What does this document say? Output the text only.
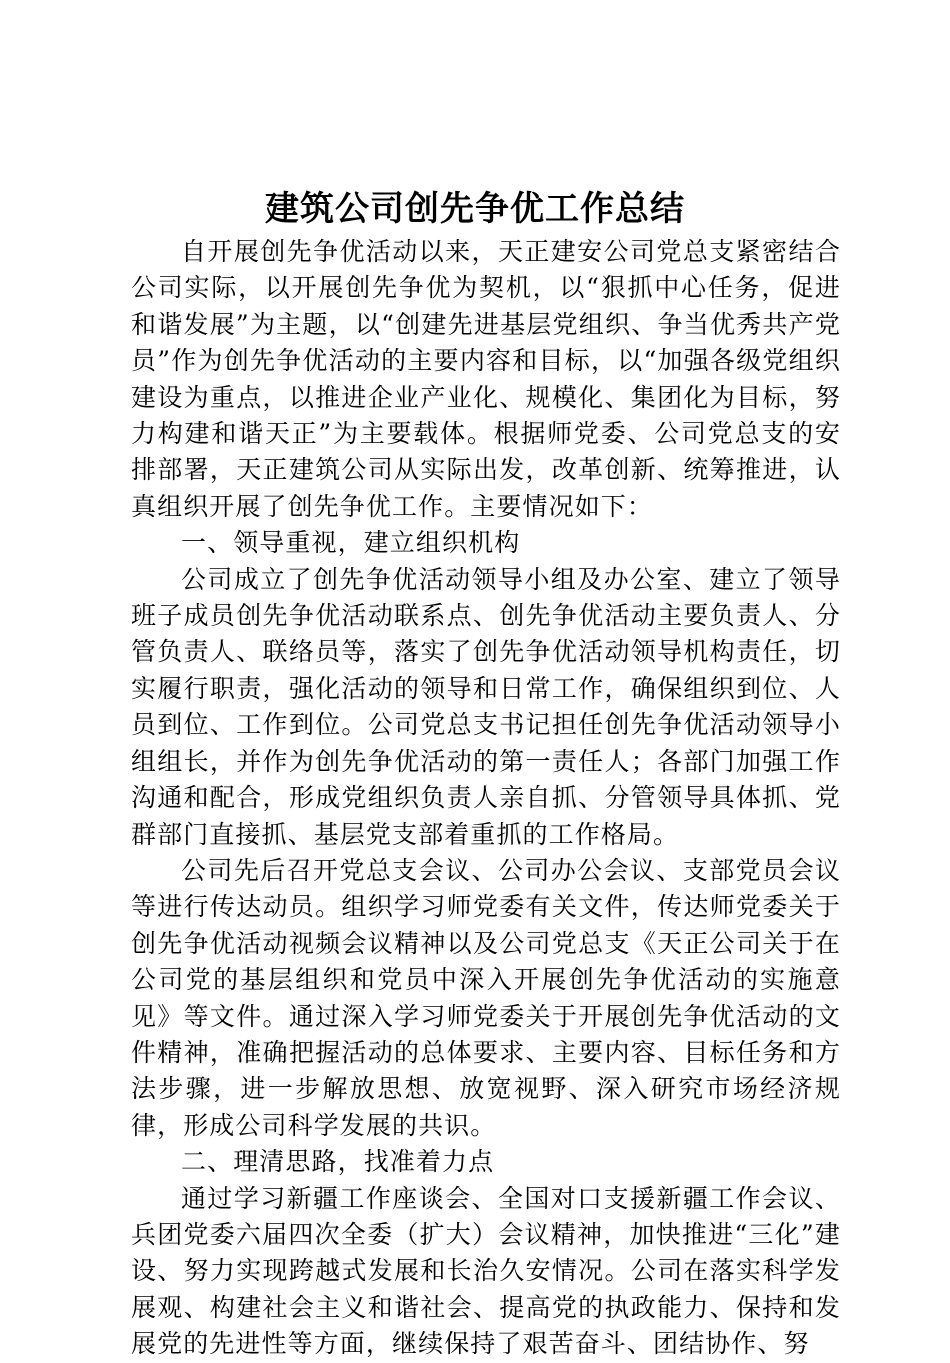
建筑公司创先争优工作总结

自开展创先争优活动以来，天正建安公司党总支紧密结合公司实际，以开展创先争优为契机，以“狠抓中心任务，促进和谐发展”为主题，以“创建先进基层党组织、争当优秀共产党员”作为创先争优活动的主要内容和目标，以“加强各级党组织建设为重点，以推进企业产业化、规模化、集团化为目标，努力构建和谐天正”为主要载体。根据师党委、公司党总支的安排部署，天正建筑公司从实际出发，改革创新、统筹推进，认真组织开展了创先争优工作。主要情况如下：

一、领导重视，建立组织机构

公司成立了创先争优活动领导小组及办公室、建立了领导班子成员创先争优活动联系点、创先争优活动主要负责人、分管负责人、联络员等，落实了创先争优活动领导机构责任，切实履行职责，强化活动的领导和日常工作，确保组织到位、人员到位、工作到位。公司党总支书记担任创先争优活动领导小组组长，并作为创先争优活动的第一责任人；各部门加强工作沟通和配合，形成党组织负责人亲自抓、分管领导具体抓、党群部门直接抓、基层党支部着重抓的工作格局。

公司先后召开党总支会议、公司办公会议、支部党员会议等进行传达动员。组织学习师党委有关文件，传达师党委关于创先争优活动视频会议精神以及公司党总支《天正公司关于在公司党的基层组织和党员中深入开展创先争优活动的实施意见》等文件。通过深入学习师党委关于开展创先争优活动的文件精神，准确把握活动的总体要求、主要内容、目标任务和方法步骤，进一步解放思想、放宽视野、深入研究市场经济规律，形成公司科学发展的共识。

二、理清思路，找准着力点

通过学习新疆工作座谈会、全国对口支援新疆工作会议、兵团党委六届四次全委（扩大）会议精神，加快推进“三化”建设、努力实现跨越式发展和长治久安情况。公司在落实科学发展观、构建社会主义和谐社会、提高党的执政能力、保持和发展党的先进性等方面，继续保持了艰苦奋斗、团结协作、努
